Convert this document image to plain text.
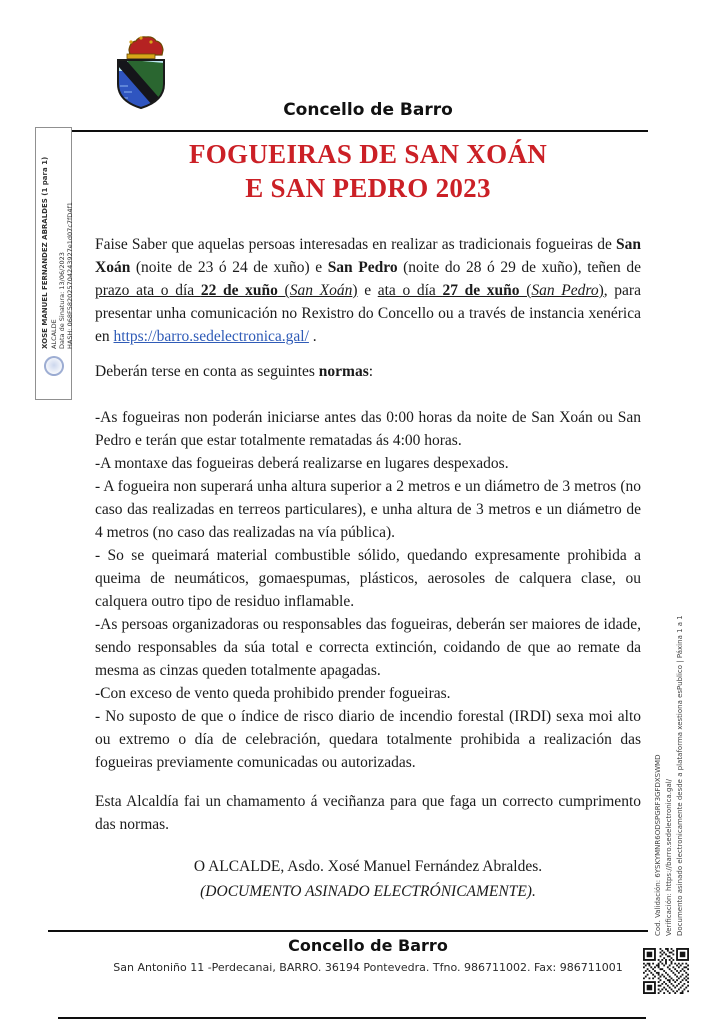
Concello de Barro
FOGUEIRAS DE SAN XOÁN
E SAN PEDRO 2023

Faise Saber que aquelas persoas interesadas en realizar as tradicionais fogueiras de San Xoán (noite de 23 ó 24 de xuño) e San Pedro (noite do 28 ó 29 de xuño), teñen de prazo ata o día 22 de xuño (San Xoán) e ata o día 27 de xuño (San Pedro), para presentar unha comunicación no Rexistro do Concello ou a través de instancia xenérica en https://barro.sedelectronica.gal/ .

Deberán terse en conta as seguintes normas:

-As fogueiras non poderán iniciarse antes das 0:00 horas da noite de San Xoán ou San Pedro e terán que estar totalmente rematadas ás 4:00 horas.

-A montaxe das fogueiras deberá realizarse en lugares despexados.

- A fogueira non superará unha altura superior a 2 metros e un diámetro de 3 metros (no caso das realizadas en terreos particulares), e unha altura de 3 metros e un diámetro de 4 metros (no caso das realizadas na vía pública).

- So se queimará material combustible sólido, quedando expresamente prohibida a queima de neumáticos, gomaespumas, plásticos, aerosoles de calquera clase, ou calquera outro tipo de residuo inflamable.

-As persoas organizadoras ou responsables das fogueiras, deberán ser maiores de idade, sendo responsables da súa total e correcta extinción, coidando de que ao remate da mesma as cinzas queden totalmente apagadas.

-Con exceso de vento queda prohibido prender fogueiras.

- No suposto de que o índice de risco diario de incendio forestal (IRDI) sexa moi alto ou extremo o día de celebración, quedara totalmente prohibida a realización das fogueiras previamente comunicadas ou autorizadas.

Esta Alcaldía fai un chamamento á veciñanza para que faga un correcto cumprimento das normas.

O ALCALDE, Asdo. Xosé Manuel Fernández Abraldes.
(DOCUMENTO ASINADO ELECTRÓNICAMENTE).
Concello de Barro
San Antoniño 11 -Perdecanai, BARRO. 36194 Pontevedra. Tfno. 986711002. Fax: 986711001
XOSE MANUEL FERNANDEZ ABRALDES (1 para 1) ALCALDE Data de Sinatura: 13/06/2023 HASH: 068F582025704243927e1d07c7fD4f1
Cod. Validación: 6YSKYMNR6ODSPGRF3GFDXSWMD Verificación: https://barro.sedelectronica.gal/ Documento asinado electronicamente desde a plataforma xestiona esPublico | Páxina 1 a 1
